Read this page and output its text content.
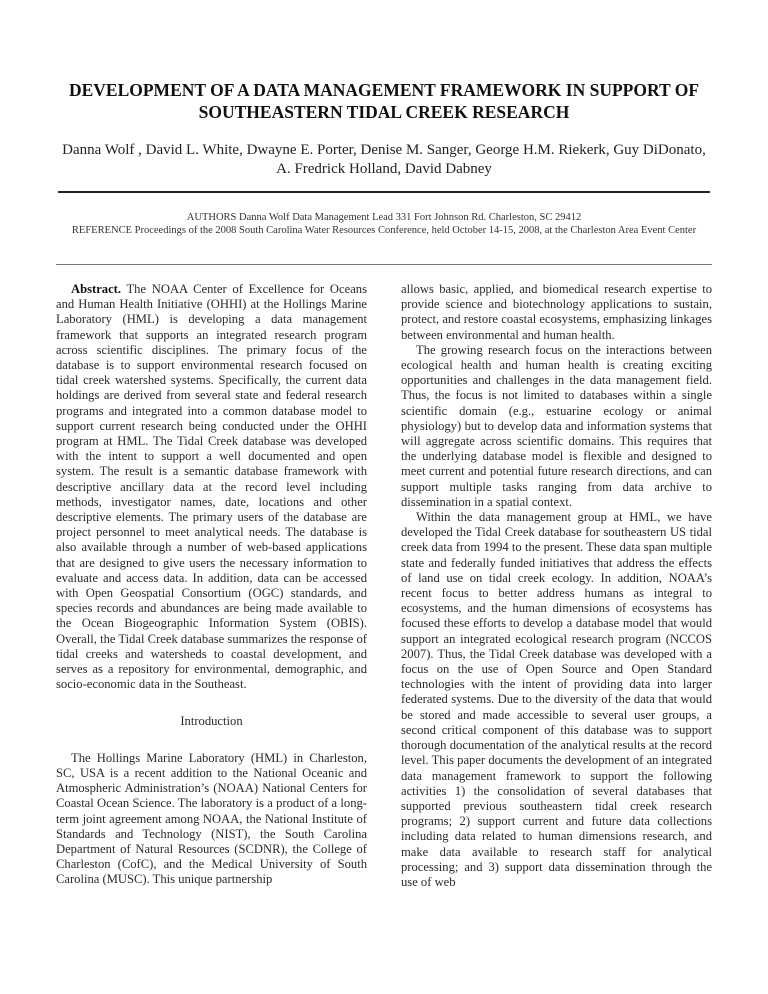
DEVELOPMENT OF A DATA MANAGEMENT FRAMEWORK IN SUPPORT OF
SOUTHEASTERN TIDAL CREEK RESEARCH
Danna Wolf , David L. White, Dwayne E. Porter, Denise M. Sanger, George H.M. Riekerk, Guy DiDonato,
A. Fredrick Holland, David Dabney
AUTHORS Danna Wolf Data Management Lead 331 Fort Johnson Rd. Charleston, SC 29412
REFERENCE Proceedings of the 2008 South Carolina Water Resources Conference, held October 14-15, 2008, at the Charleston Area Event Center

Abstract. The NOAA Center of Excellence for Oceans and Human Health Initiative (OHHI) at the Hollings Marine Laboratory (HML) is developing a data management framework that supports an integrated research program across scientific disciplines. The primary focus of the database is to support environmental research focused on tidal creek watershed systems. Specifically, the current data holdings are derived from several state and federal research programs and integrated into a common database model to support current research being conducted under the OHHI program at HML. The Tidal Creek database was developed with the intent to support a well documented and open system. The result is a semantic database framework with descriptive ancillary data at the record level including methods, investigator names, date, locations and other descriptive elements. The primary users of the database are project personnel to meet analytical needs. The database is also available through a number of web-based applications that are designed to give users the necessary information to evaluate and access data. In addition, data can be accessed with Open Geospatial Consortium (OGC) standards, and species records and abundances are being made available to the Ocean Biogeographic Information System (OBIS). Overall, the Tidal Creek database summarizes the response of tidal creeks and watersheds to coastal development, and serves as a repository for environmental, demographic, and socio-economic data in the Southeast.

Introduction

The Hollings Marine Laboratory (HML) in Charleston, SC, USA is a recent addition to the National Oceanic and Atmospheric Administration’s (NOAA) National Centers for Coastal Ocean Science. The laboratory is a product of a long-term joint agreement among NOAA, the National Institute of Standards and Technology (NIST), the South Carolina Department of Natural Resources (SCDNR), the College of Charleston (CofC), and the Medical University of South Carolina (MUSC). This unique partnership

allows basic, applied, and biomedical research expertise to provide science and biotechnology applications to sustain, protect, and restore coastal ecosystems, emphasizing linkages between environmental and human health.

The growing research focus on the interactions between ecological health and human health is creating exciting opportunities and challenges in the data management field. Thus, the focus is not limited to databases within a single scientific domain (e.g., estuarine ecology or animal physiology) but to develop data and information systems that will aggregate across scientific domains. This requires that the underlying database model is flexible and designed to meet current and potential future research directions, and can support multiple tasks ranging from data archive to dissemination in a spatial context.

Within the data management group at HML, we have developed the Tidal Creek database for southeastern US tidal creek data from 1994 to the present. These data span multiple state and federally funded initiatives that address the effects of land use on tidal creek ecology. In addition, NOAA’s recent focus to better address humans as integral to ecosystems, and the human dimensions of ecosystems has focused these efforts to develop a database model that would support an integrated ecological research program (NCCOS 2007). Thus, the Tidal Creek database was developed with a focus on the use of Open Source and Open Standard technologies with the intent of providing data into larger federated systems. Due to the diversity of the data that would be stored and made accessible to several user groups, a second critical component of this database was to support thorough documentation of the analytical results at the record level. This paper documents the development of an integrated data management framework to support the following activities 1) the consolidation of several databases that supported previous southeastern tidal creek research programs; 2) support current and future data collections including data related to human dimensions research, and make data available to research staff for analytical processing; and 3) support data dissemination through the use of web
